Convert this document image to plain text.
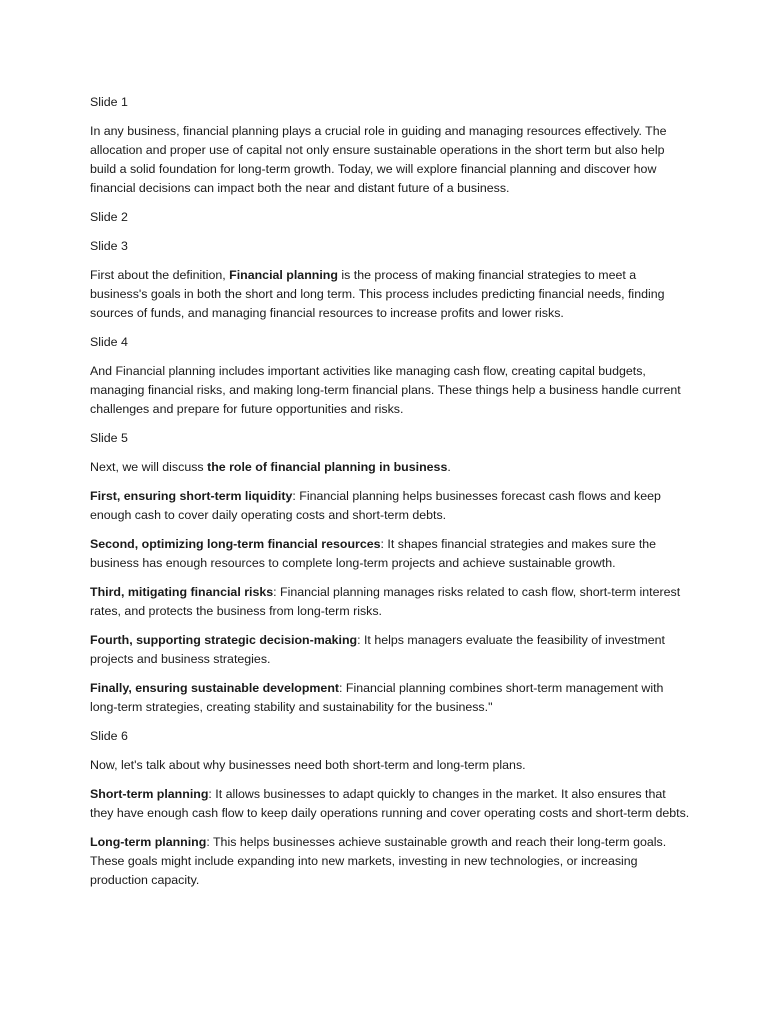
Slide 1

In any business, financial planning plays a crucial role in guiding and managing resources effectively. The allocation and proper use of capital not only ensure sustainable operations in the short term but also help build a solid foundation for long-term growth. Today, we will explore financial planning and discover how financial decisions can impact both the near and distant future of a business.

Slide 2

Slide 3

First about the definition, Financial planning is the process of making financial strategies to meet a business's goals in both the short and long term. This process includes predicting financial needs, finding sources of funds, and managing financial resources to increase profits and lower risks.

Slide 4

And Financial planning includes important activities like managing cash flow, creating capital budgets, managing financial risks, and making long-term financial plans. These things help a business handle current challenges and prepare for future opportunities and risks.

Slide 5

Next, we will discuss the role of financial planning in business.

First, ensuring short-term liquidity: Financial planning helps businesses forecast cash flows and keep enough cash to cover daily operating costs and short-term debts.

Second, optimizing long-term financial resources: It shapes financial strategies and makes sure the business has enough resources to complete long-term projects and achieve sustainable growth.

Third, mitigating financial risks: Financial planning manages risks related to cash flow, short-term interest rates, and protects the business from long-term risks.

Fourth, supporting strategic decision-making: It helps managers evaluate the feasibility of investment projects and business strategies.

Finally, ensuring sustainable development: Financial planning combines short-term management with long-term strategies, creating stability and sustainability for the business."

Slide 6

Now, let's talk about why businesses need both short-term and long-term plans.

Short-term planning: It allows businesses to adapt quickly to changes in the market. It also ensures that they have enough cash flow to keep daily operations running and cover operating costs and short-term debts.

Long-term planning: This helps businesses achieve sustainable growth and reach their long-term goals. These goals might include expanding into new markets, investing in new technologies, or increasing production capacity.
